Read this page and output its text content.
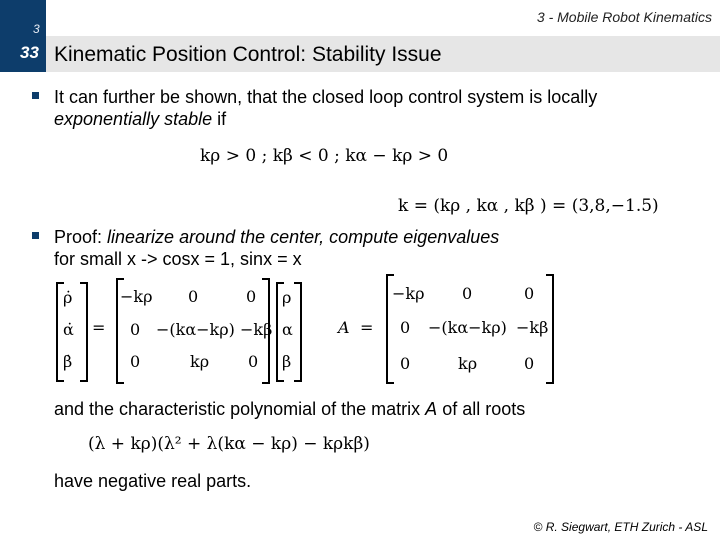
3 - Mobile Robot Kinematics
3
33 Kinematic Position Control: Stability Issue
It can further be shown, that the closed loop control system is locally
exponentially stable if
kρ > 0 ; kβ < 0 ; kα − kρ > 0
k = (kρ , kα , kβ ) = (3,8,−1.5)
Proof: linearize around the center, compute eigenvalues
for small x -> cosx = 1, sinx = x
ρ̇
α̇
β̇
=
−kρ 0	0
0 −(kα−kρ) −kβ
0	kρ 0
ρ
α
β
A =
−kρ 0	0
0 −(kα−kρ) −kβ
0	kρ	0
and the characteristic polynomial of the matrix A of all roots
(λ + kρ)(λ² + λ(kα − kρ) − kρkβ)
have negative real parts.
© R. Siegwart, ETH Zurich - ASL
